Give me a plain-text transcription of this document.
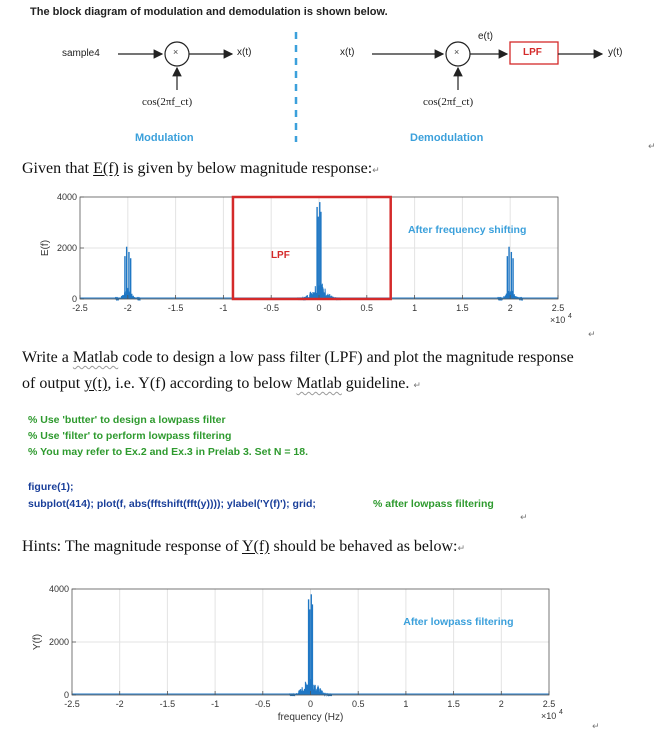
The block diagram of modulation and demodulation is shown below.
sample4	×	x(t)
cos(2πf_ct)
Modulation
x(t)	×
e(t)
LPF	y(t)
cos(2πf_ct)
Demodulation
↵
Given that E(f) is given by below magnitude response:↵
-2.5	-2	-1.5	-1	-0.5	0	0.5	1	1.5	2	2.5
0
2000
4000
E(f)
×10 4
After frequency shifting
LPF
↵
Write a Matlab code to design a low pass filter (LPF) and plot the magnitude response
of output y(t), i.e. Y(f) according to below Matlab guideline. ↵
% Use 'butter' to design a lowpass filter
% Use 'filter' to perform lowpass filtering
% You may refer to Ex.2 and Ex.3 in Prelab 3. Set N = 18.
figure(1);
subplot(414); plot(f, abs(fftshift(fft(y)))); ylabel('Y(f)'); grid;	% after lowpass filtering
↵
Hints: The magnitude response of Y(f) should be behaved as below:↵
-2.5	-2	-1.5	-1	-0.5	0	0.5	1	1.5	2	2.5
0
2000
4000
Y(f)
frequency (Hz)	×10 4
After lowpass filtering
↵
